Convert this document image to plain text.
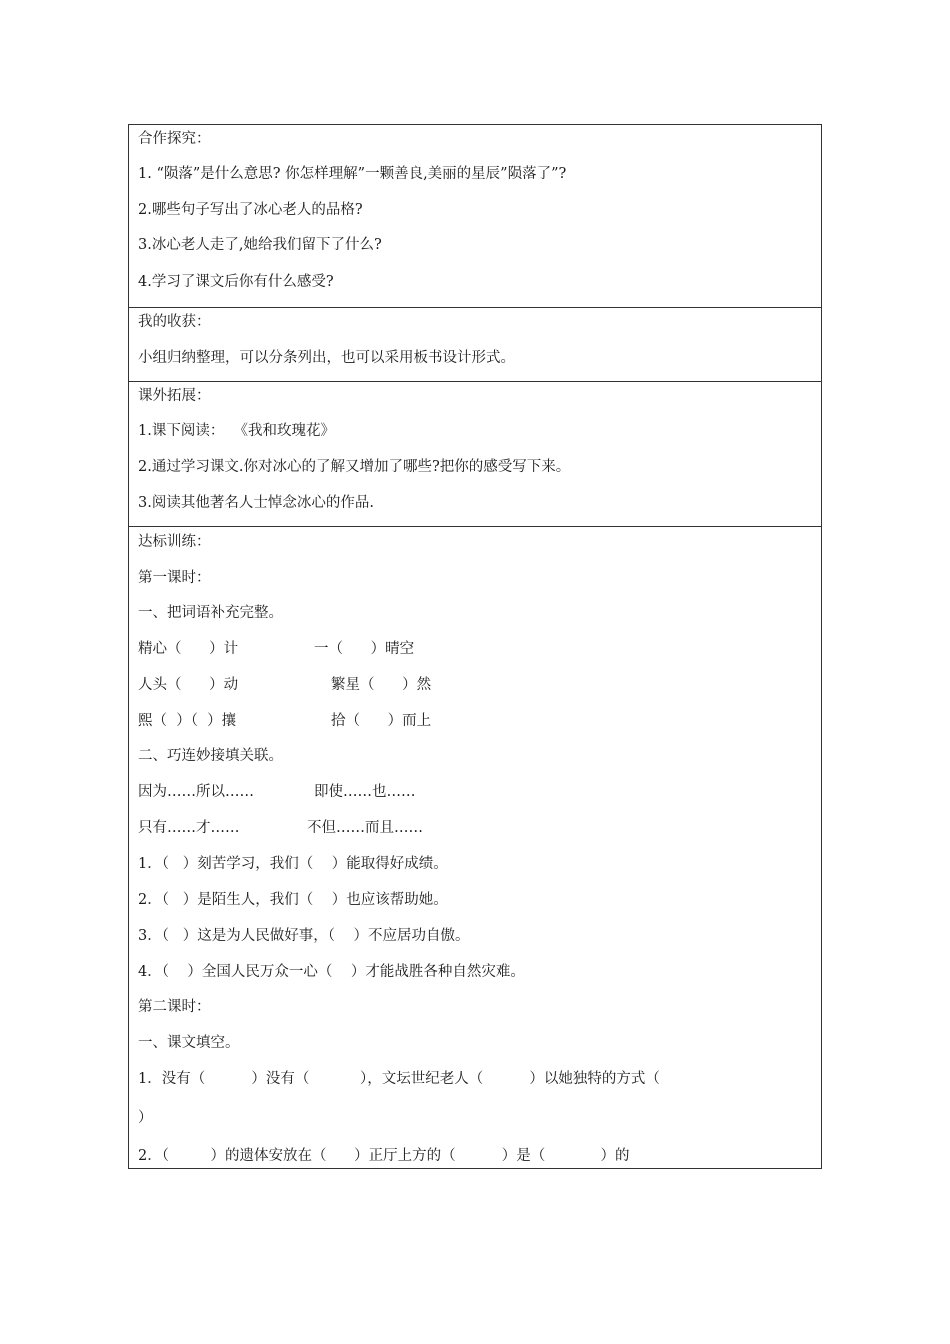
合作探究：
1. “陨落”是什么意思? 你怎样理解”一颗善良,美丽的星辰”陨落了”?
2.哪些句子写出了冰心老人的品格?
3.冰心老人走了,她给我们留下了什么?
4.学习了课文后你有什么感受?
我的收获：
小组归纳整理，可以分条列出，也可以采用板书设计形式。
课外拓展：
1.课下阅读：  《我和玫瑰花》
2.通过学习课文.你对冰心的了解又增加了哪些?把你的感受写下来。
3.阅读其他著名人士悼念冰心的作品.
达标训练：
第一课时：
一、把词语补充完整。
精心（      ）计	一（      ）晴空
人头（      ）动	繁星（      ）然
熙（  ）（  ）攘	拾（      ）而上
二、巧连妙接填关联。
因为……所以……	即使……也……
只有……才……	不但……而且……
1．（   ）刻苦学习，我们（    ）能取得好成绩。
2．（   ）是陌生人，我们（    ）也应该帮助她。
3．（   ）这是为人民做好事，（    ）不应居功自傲。
4．（    ）全国人民万众一心（    ）才能战胜各种自然灾难。
第二课时：
一、课文填空。
1．没有（          ）没有（           ），文坛世纪老人（          ）以她独特的方式（
）
2．（         ）的遗体安放在（      ）正厅上方的（          ）是（            ）的
